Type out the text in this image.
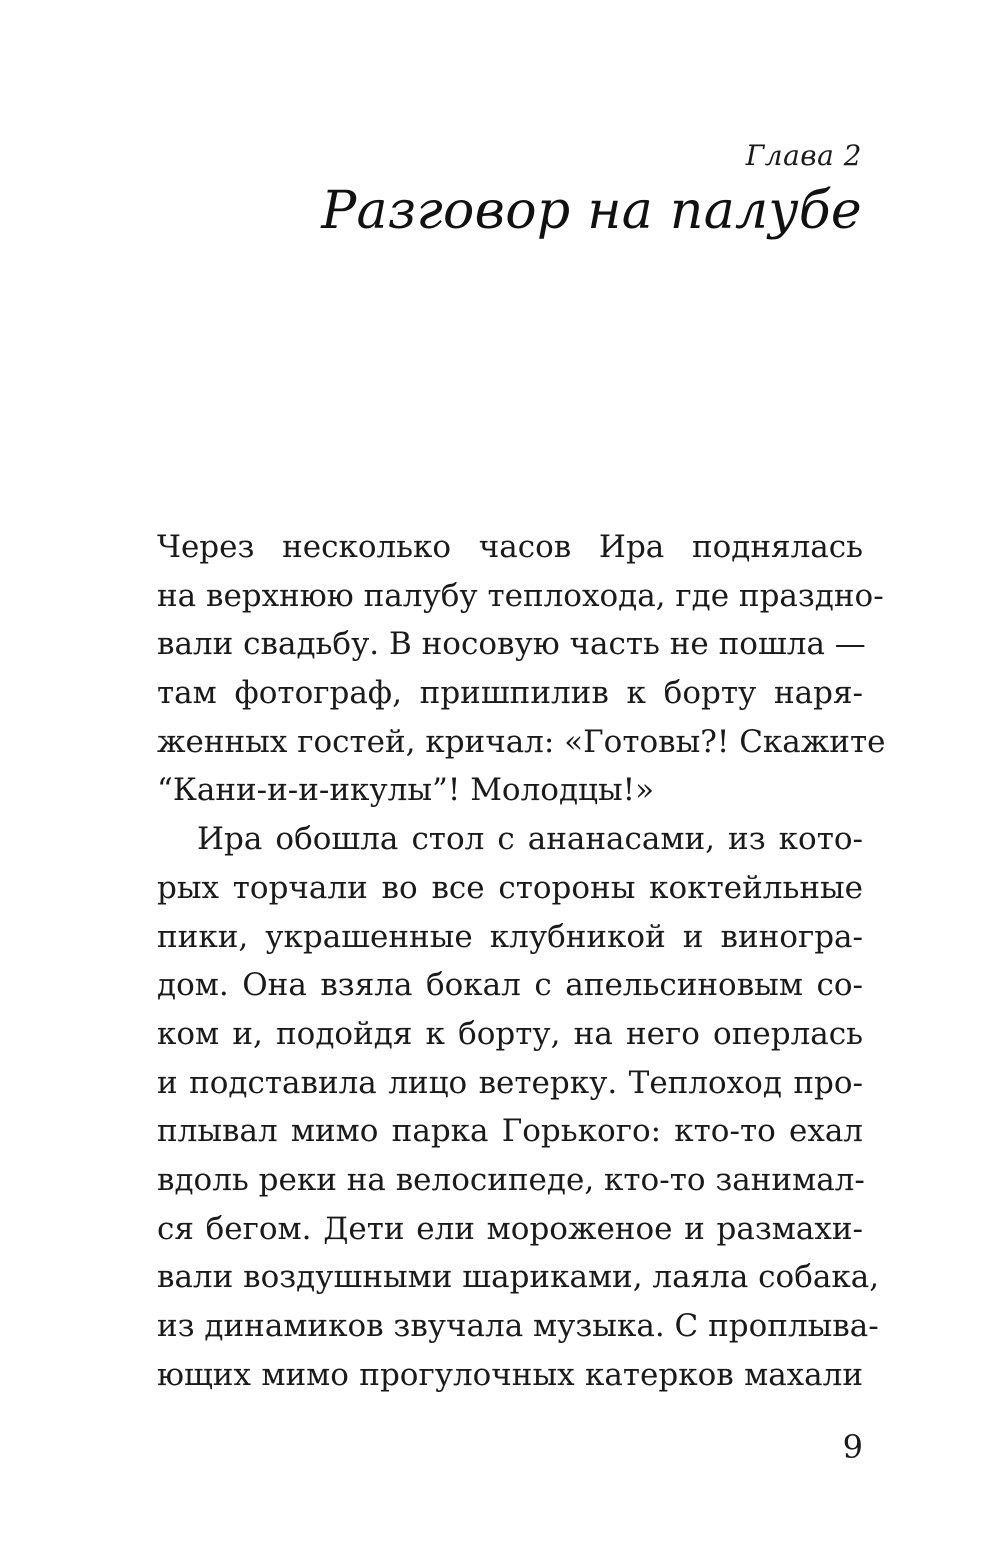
Глава 2
Разговор на палубе
Через несколько часов Ира поднялась
на верхнюю палубу теплохода, где праздно-
вали свадьбу. В носовую часть не пошла —
там фотограф, пришпилив к борту наря-
женных гостей, кричал: «Готовы?! Скажите
“Кани-и-и-икулы”! Молодцы!»
Ира обошла стол с ананасами, из кото-
рых торчали во все стороны коктейльные
пики, украшенные клубникой и виногра-
дом. Она взяла бокал с апельсиновым со-
ком и, подойдя к борту, на него оперлась
и подставила лицо ветерку. Теплоход про-
плывал мимо парка Горького: кто-то ехал
вдоль реки на велосипеде, кто-то занимал-
ся бегом. Дети ели мороженое и размахи-
вали воздушными шариками, лаяла собака,
из динамиков звучала музыка. С проплыва-
ющих мимо прогулочных катерков махали
9
